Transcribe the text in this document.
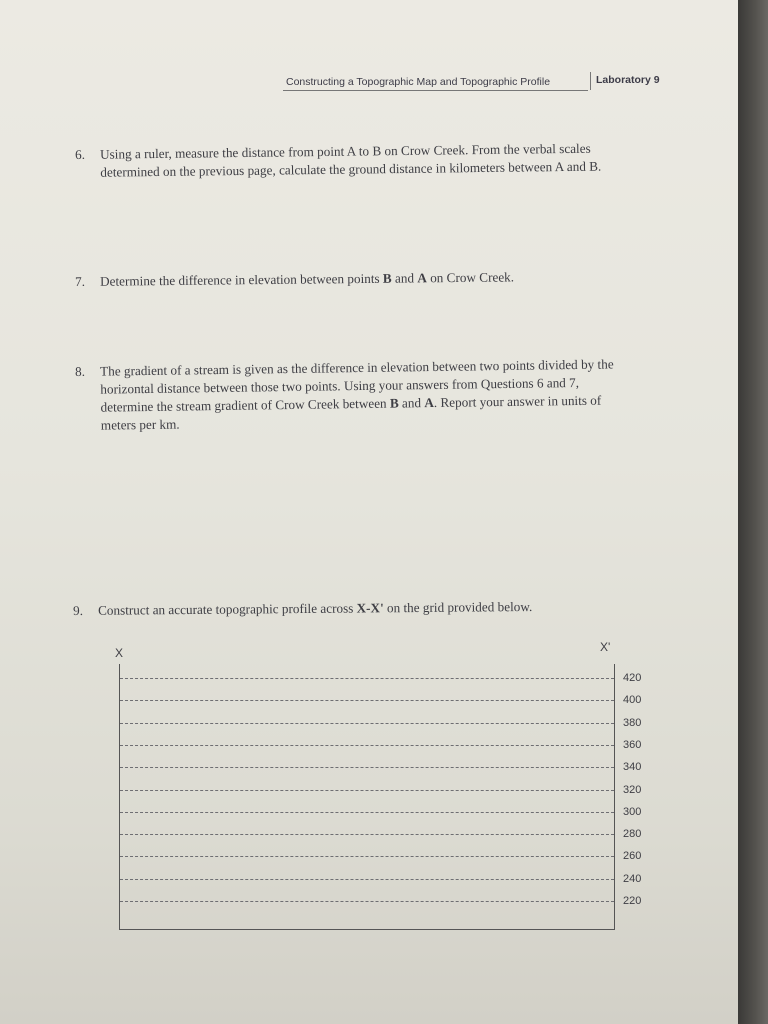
Constructing a Topographic Map and Topographic Profile	Laboratory 9
6. Using a ruler, measure the distance from point A to B on Crow Creek. From the verbal scales determined on the previous page, calculate the ground distance in kilometers between A and B.
7. Determine the difference in elevation between points B and A on Crow Creek.
8. The gradient of a stream is given as the difference in elevation between two points divided by the horizontal distance between those two points. Using your answers from Questions 6 and 7, determine the stream gradient of Crow Creek between B and A. Report your answer in units of meters per km.
9. Construct an accurate topographic profile across X-X' on the grid provided below.
X	X'
420
400
380
360
340
320
300
280
260
240
220
